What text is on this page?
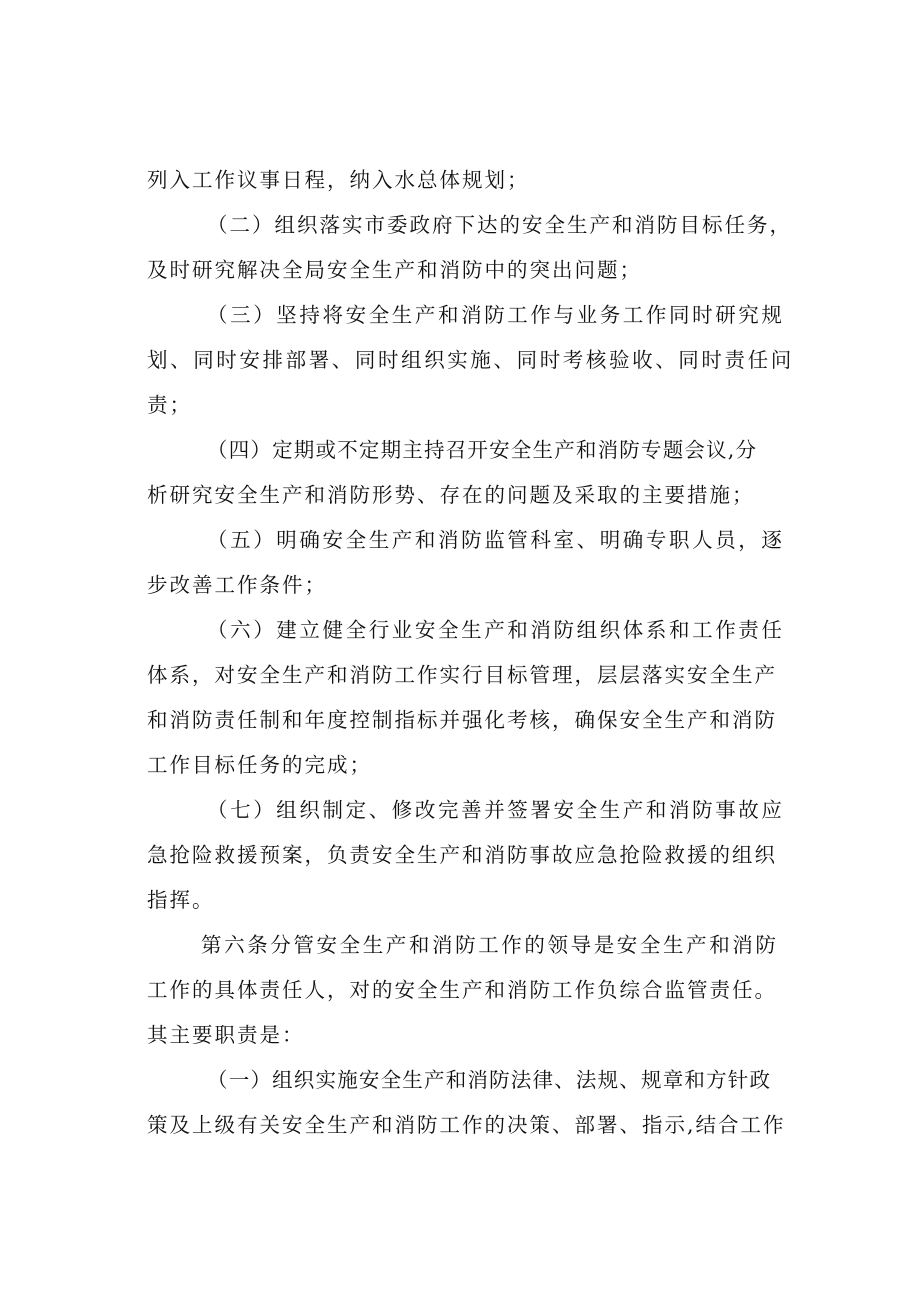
列入工作议事日程，纳入水总体规划；
（二）组织落实市委政府下达的安全生产和消防目标任务，
及时研究解决全局安全生产和消防中的突出问题；
（三）坚持将安全生产和消防工作与业务工作同时研究规
划、同时安排部署、同时组织实施、同时考核验收、同时责任问
责；
（四）定期或不定期主持召开安全生产和消防专题会议,分
析研究安全生产和消防形势、存在的问题及采取的主要措施；
（五）明确安全生产和消防监管科室、明确专职人员，逐
步改善工作条件；
（六）建立健全行业安全生产和消防组织体系和工作责任
体系，对安全生产和消防工作实行目标管理，层层落实安全生产
和消防责任制和年度控制指标并强化考核，确保安全生产和消防
工作目标任务的完成；
（七）组织制定、修改完善并签署安全生产和消防事故应
急抢险救援预案，负责安全生产和消防事故应急抢险救援的组织
指挥。
第六条分管安全生产和消防工作的领导是安全生产和消防
工作的具体责任人，对的安全生产和消防工作负综合监管责任。
其主要职责是：
（一）组织实施安全生产和消防法律、法规、规章和方针政
策及上级有关安全生产和消防工作的决策、部署、指示,结合工作
